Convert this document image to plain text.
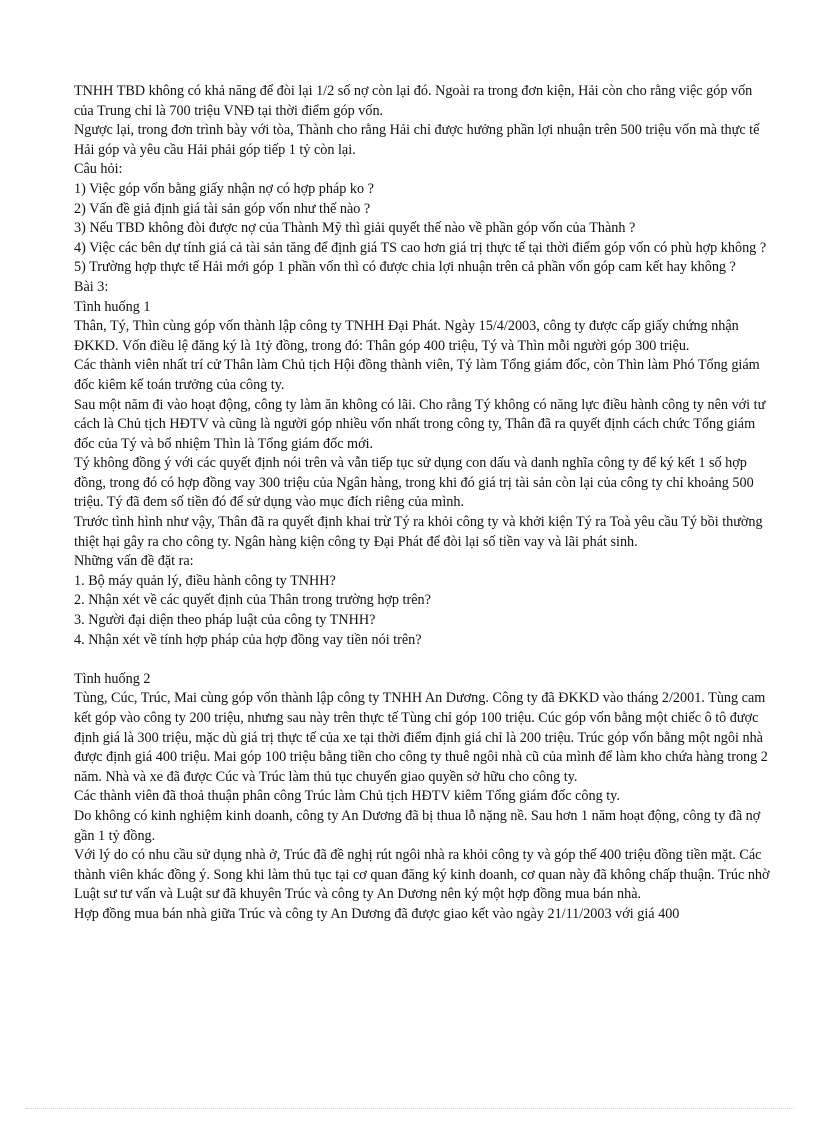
TNHH TBD không có khả năng để đòi lại 1/2 số nợ còn lại đó. Ngoài ra trong đơn kiện, Hải còn cho rằng việc góp vốn của Trung chỉ là 700 triệu VNĐ tại thời điểm góp vốn.

Ngược lại, trong đơn trình bày với tòa, Thành cho rằng Hải chỉ được hưởng phần lợi nhuận trên 500 triệu vốn mà thực tế Hải góp và yêu cầu Hải phải góp tiếp 1 tỷ còn lại.

Câu hỏi:

1) Việc góp vốn bằng giấy nhận nợ có hợp pháp ko ?

2) Vấn đề giả định giá tài sản góp vốn như thế nào ?

3) Nếu TBD không đòi được nợ của Thành Mỹ thì giải quyết thế nào về phần góp vốn của Thành ?

4) Việc các bên dự tính giá cả tài sản tăng để định giá TS cao hơn giá trị thực tế tại thời điểm góp vốn có phù hợp không ?

5) Trường hợp thực tế Hải mới góp 1 phần vốn thì có được chia lợi nhuận trên cả phần vốn góp cam kết hay không ?

Bài 3:

Tình huống 1

Thân, Tý, Thìn cùng góp vốn thành lập công ty TNHH Đại Phát. Ngày 15/4/2003, công ty được cấp giấy chứng nhận ĐKKD. Vốn điều lệ đăng ký là 1tỷ đồng, trong đó: Thân góp 400 triệu, Tý và Thìn mỗi người góp 300 triệu.

Các thành viên nhất trí cử Thân làm Chủ tịch Hội đồng thành viên, Tý làm Tổng giám đốc, còn Thìn làm Phó Tổng giám đốc kiêm kế toán trưởng của công ty.

Sau một năm đi vào hoạt động, công ty làm ăn không có lãi. Cho rằng Tý không có năng lực điều hành công ty nên với tư cách là Chủ tịch HĐTV và cũng là người góp nhiều vốn nhất trong công ty, Thân đã ra quyết định cách chức Tổng giám đốc của Tý và bổ nhiệm Thìn là Tổng giám đốc mới.

Tý không đồng ý với các quyết định nói trên và vẫn tiếp tục sử dụng con dấu và danh nghĩa công ty để ký kết 1 số hợp đồng, trong đó có hợp đồng vay 300 triệu của Ngân hàng, trong khi đó giá trị tài sản còn lại của công ty chỉ khoảng 500 triệu. Tý đã đem số tiền đó để sử dụng vào mục đích riêng của mình.

Trước tình hình như vậy, Thân đã ra quyết định khai trừ Tý ra khỏi công ty và khởi kiện Tý ra Toà yêu cầu Tý bồi thường thiệt hại gây ra cho công ty. Ngân hàng kiện công ty Đại Phát để đòi lại số tiền vay và lãi phát sinh.

Những vấn đề đặt ra:

1. Bộ máy quản lý, điều hành công ty TNHH?

2. Nhận xét về các quyết định của Thân trong trường hợp trên?

3. Người đại diện theo pháp luật của công ty TNHH?

4. Nhận xét về tính hợp pháp của hợp đồng vay tiền nói trên?

Tình huống 2

Tùng, Cúc, Trúc, Mai cùng góp vốn thành lập công ty TNHH An Dương. Công ty đã ĐKKD vào tháng 2/2001. Tùng cam kết góp vào công ty 200 triệu, nhưng sau này trên thực tế Tùng chỉ góp 100 triệu. Cúc góp vốn bằng một chiếc ô tô được định giá là 300 triệu, mặc dù giá trị thực tế của xe tại thời điểm định giá chỉ là 200 triệu. Trúc góp vốn bằng một ngôi nhà được định giá 400 triệu. Mai góp 100 triệu bằng tiền cho công ty thuê ngôi nhà cũ của mình để làm kho chứa hàng trong 2 năm. Nhà và xe đã được Cúc và Trúc làm thủ tục chuyển giao quyền sở hữu cho công ty.

Các thành viên đã thoả thuận phân công Trúc làm Chủ tịch HĐTV kiêm Tổng giám đốc công ty.

Do không có kinh nghiệm kinh doanh, công ty An Dương đã bị thua lỗ nặng nề. Sau hơn 1 năm hoạt động, công ty đã nợ gần 1 tỷ đồng.

Với lý do có nhu cầu sử dụng nhà ở, Trúc đã đề nghị rút ngôi nhà ra khỏi công ty và góp thế 400 triệu đồng tiền mặt. Các thành viên khác đồng ý. Song khi làm thủ tục tại cơ quan đăng ký kinh doanh, cơ quan này đã không chấp thuận. Trúc nhờ Luật sư tư vấn và Luật sư đã khuyên Trúc và công ty An Dương nên ký một hợp đồng mua bán nhà.

Hợp đồng mua bán nhà giữa Trúc và công ty An Dương đã được giao kết vào ngày 21/11/2003 với giá 400
